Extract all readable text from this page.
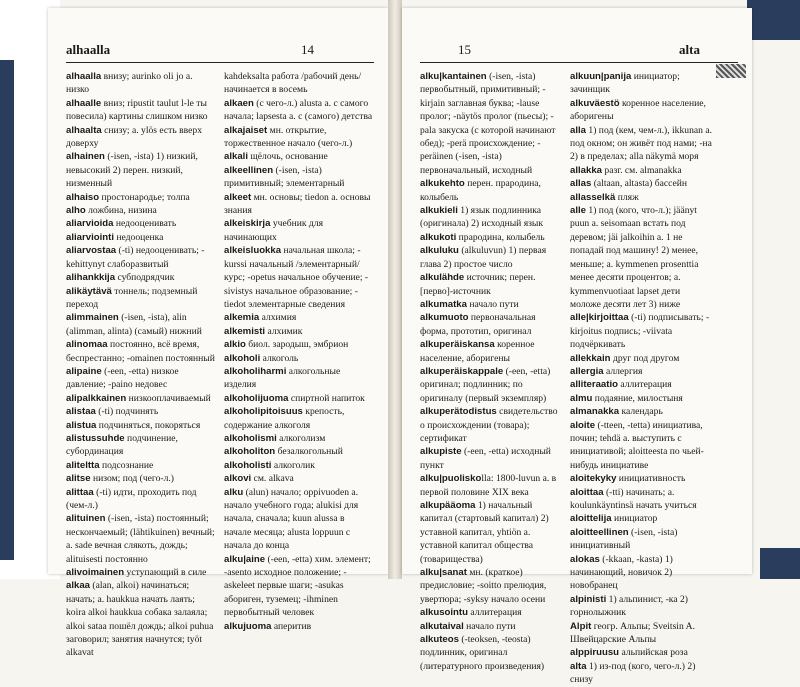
alhaalla	14

alhaalla внизу; aurinko oli jo a. низко

alhaalle вниз; ripustit taulut l-le ты повесила) картины слишком низко

alhaalta снизу; a. ylös есть вверх доверху

alhainen (-isen, -ista) 1) низкий, невысокий 2) перен. низкий, низменный

alhaiso простонародье; толпа

alho ложбина, низина

aliarvioida недооценивать

aliarviointi недооценка

aliarvostaa (-ti) недооценивать; -kehittynyt слаборазвитый

alihankkija субподрядчик

alikäytävä тоннель; подземный переход

alimmainen (-isen, -ista), alin (alimman, alinta) (самый) нижний

alinomaa постоянно, всё время, беспрестанно; -omainen постоянный

alipaine (-een, -etta) низкое давление; -paino недовес

alipalkkainen низкооплачиваемый

alistaa (-ti) подчинять

alistua подчиняться, покоряться

alistussuhde подчинение, субординация

aliteltta подсознание

alitse низом; под (чего-л.)

alittaa (-ti) идти, проходить под (чем-л.)

alituinen (-isen, -ista) постоянный; нескончаемый; (lähtikuinen) вечный; a. sade вечная слякоть, дождь; alituisesti постоянно

alivoimainen уступающий в силе

alkaa (alan, alkoi) начинаться; начать; a. haukkua начать лаять; koira alkoi haukkua собака залаяла; alkoi sataa пошёл дождь; alkoi puhua заговорил; занятия начнутся; työt alkavat

kahdeksalta работа /рабочий день/ начинается в восемь

alkaen (с чего-л.) alusta a. с самого начала; lapsesta a. с (самого) детства

alkajaiset мн. открытие, торжественное начало (чего-л.)

alkali щёлочь, основание

alkeellinen (-isen, -ista) примитивный; элементарный

alkeet мн. основы; tiedon a. основы знания

alkeiskirja учебник для начинающих

alkeisluokka начальная школа; -kurssi начальный /элементарный/ курс; -opetus начальное обучение; -sivistys начальное образование; -tiedot элементарные сведения

alkemia алхимия

alkemisti алхимик

alkio биол. зародыш, эмбрион

alkoholi алкоголь

alkoholiharmi алкогольные изделия

alkoholijuoma спиртной напиток

alkoholipitoisuus крепость, содержание алкоголя

alkoholismi алкоголизм

alkoholiton безалкогольный

alkoholisti алкоголик

alkovi см. alkava

alku (alun) начало; oppivuoden a. начало учебного года; alukisi для начала, сначала; kuun alussa в начале месяца; alusta loppuun с начала до конца

alku|aine (-een, -etta) хим. элемент; -asento исходное положение; -askeleet первые шаги; -asukas абориген, туземец; -ihminen первобытный человек

alkujuoma аперитив

15	alta

alku|kantainen (-isen, -ista) первобытный, примитивный; -kirjain заглавная буква; -lause пролог; -näytös пролог (пьесы); -pala закуска (с которой начинают обед); -perä происхождение; -peräinen (-isen, -ista) первоначальный, исходный

alkukehto перен. прародина, колыбель

alkukieli 1) язык подлинника (оригинала) 2) исходный язык

alkukoti прародина, колыбель

alkuluku (alkuluvun) 1) первая глава 2) простое число

alkulähde источник; перен. [перво]-источник

alkumatka начало пути

alkumuoto первоначальная форма, прототип, оригинал

alkuperäiskansa коренное население, аборигены

alkuperäiskappale (-een, -etta) оригинал; подлинник; по оригиналу (первый экземпляр)

alkuperätodistus свидетельство о происхождении (товара); сертификат

alkupiste (-een, -etta) исходный пункт

alku|puoliskolla: 1800-luvun a. в первой половине XIX века

alkupääoma 1) начальный капитал (стартовый капитал) 2) уставной капитал, yhtiön a. уставной капитал общества (товарищества)

alku|sanat мн. (краткое) предисловие; -soitto прелюдия, увертюра; -syksy начало осени

alkusointu аллитерация

alkutaival начало пути

alkuteos (-teoksen, -teosta) подлинник, оригинал (литературного произведения)

alkuun|panija инициатор; зачинщик

alkuväestö коренное население, аборигены

alla 1) под (кем, чем-л.), ikkunan a. под окном; он живёт под нами; -на 2) в пределах; alla näkymä моря

allakka разг. см. almanakka

allas (altaan, altasta) бассейн

allasselkä пляж

alle 1) под (кого, что-л.); jäänyt puun a. seisomaan встать под деревом; jäi jalkoihin a. 1 не попадай под машину! 2) менее, меньше; a. kymmenen prosenttia менее десяти процентов; a. kymmenvuotiaat lapset дети моложе десяти лет 3) ниже

alle|kirjoittaa (-ti) подписывать; -kirjoitus подпись; -viivata подчёркивать

allekkain друг под другом

allergia аллергия

alliteraatio аллитерация

almu подаяние, милостыня

almanakka календарь

aloite (-tteen, -tetta) инициатива, почин; tehdä a. выступить с инициативой; aloitteesta по чьей-нибудь инициативе

aloitekyky инициативность

aloittaa (-tti) начинать; a. koulunkäyntinsä начать учиться

aloittelija инициатор

aloitteellinen (-isen, -ista) инициативный

alokas (-kkaan, -kasta) 1) начинающий, новичок 2) новобранец

alpinisti 1) альпинист, -ка 2) горнолыжник

Alpit геогр. Альпы; Sveitsin A. Швейцарские Альпы

alppiruusu альпийская роза

alta 1) из-под (кого, чего-л.) 2) снизу
